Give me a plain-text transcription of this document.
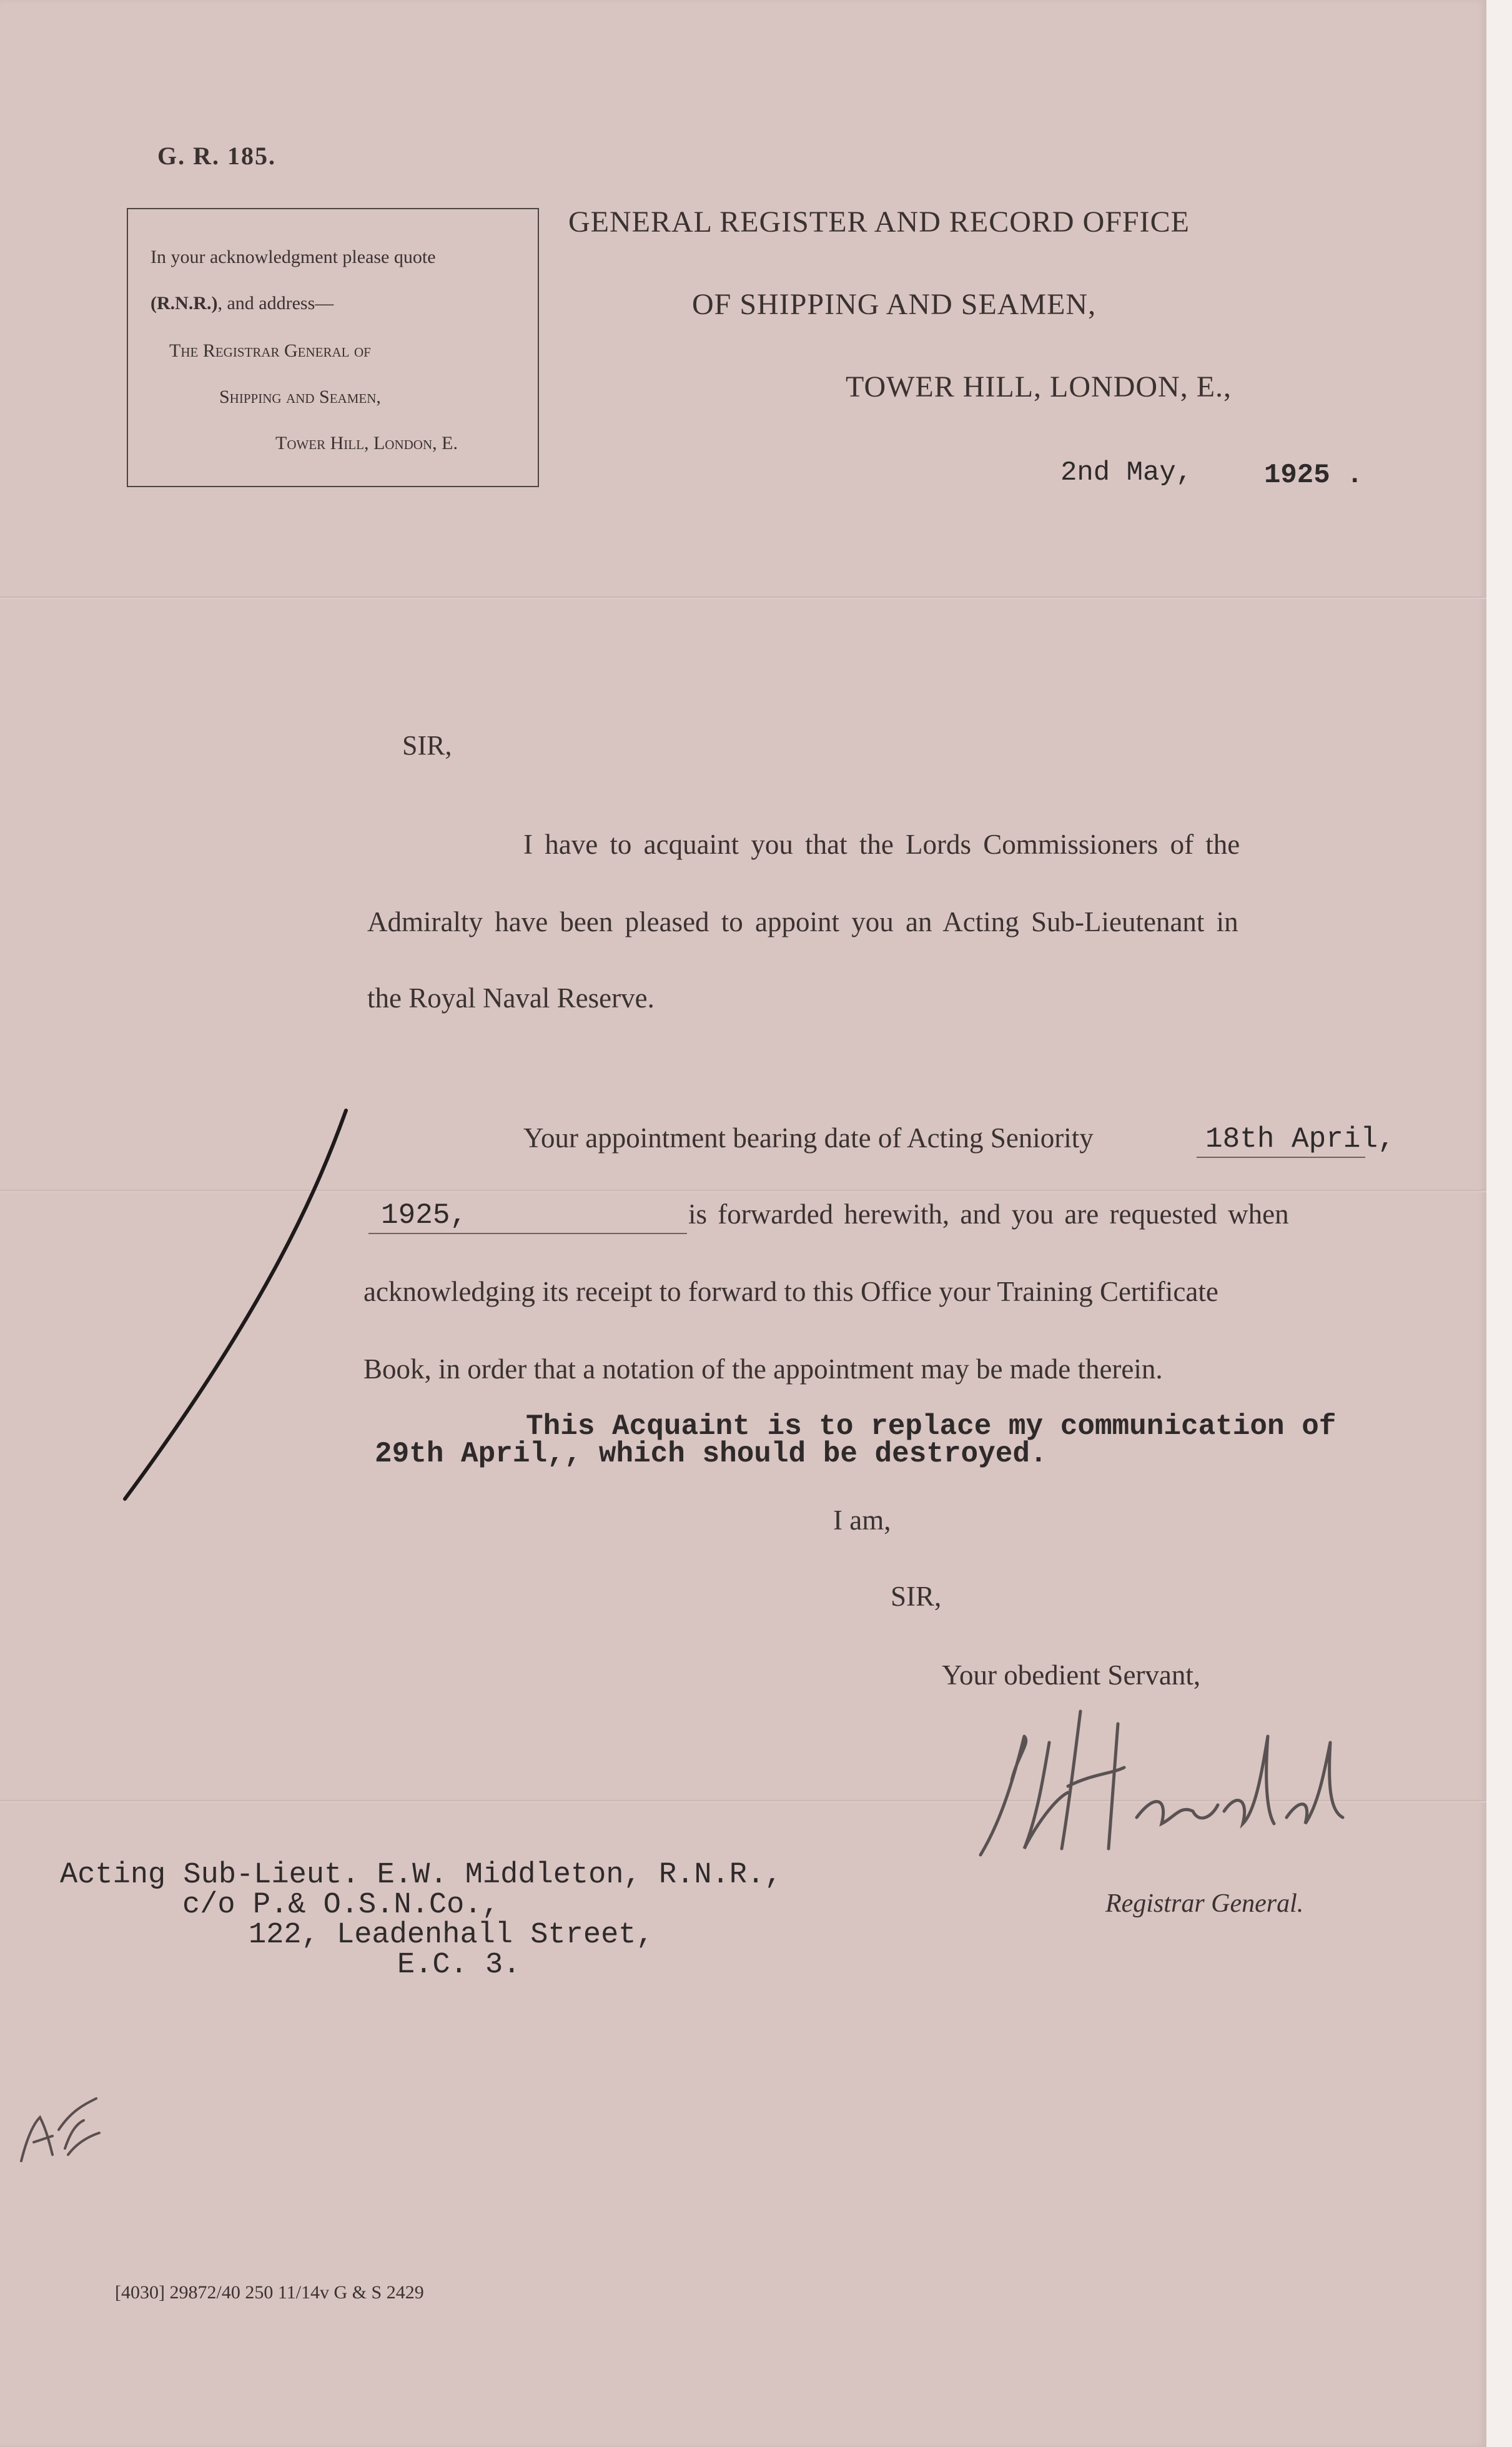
G. R. 185.
In your acknowledgment please quote
(R.N.R.), and address—
The Registrar General of
Shipping and Seamen,
Tower Hill, London, E.
GENERAL REGISTER AND RECORD OFFICE
OF SHIPPING AND SEAMEN,
TOWER HILL, LONDON, E.,
2nd May,	1925 .
SIR,
I have to acquaint you that the Lords Commissioners of the
Admiralty have been pleased to appoint you an Acting Sub-Lieutenant in
the Royal Naval Reserve.
Your appointment bearing date of Acting Seniority	18th April,
1925,	is forwarded herewith, and you are requested when
acknowledging its receipt to forward to this Office your Training Certificate
Book, in order that a notation of the appointment may be made therein.
This Acquaint is to replace my communication of
29th April,, which should be destroyed.
I am,
SIR,
Your obedient Servant,
Registrar General.
Acting Sub-Lieut. E.W. Middleton, R.N.R.,
c/o P.& O.S.N.Co.,
122, Leadenhall Street,
E.C. 3.
[4030] 29872/40 250 11/14v G & S 2429
